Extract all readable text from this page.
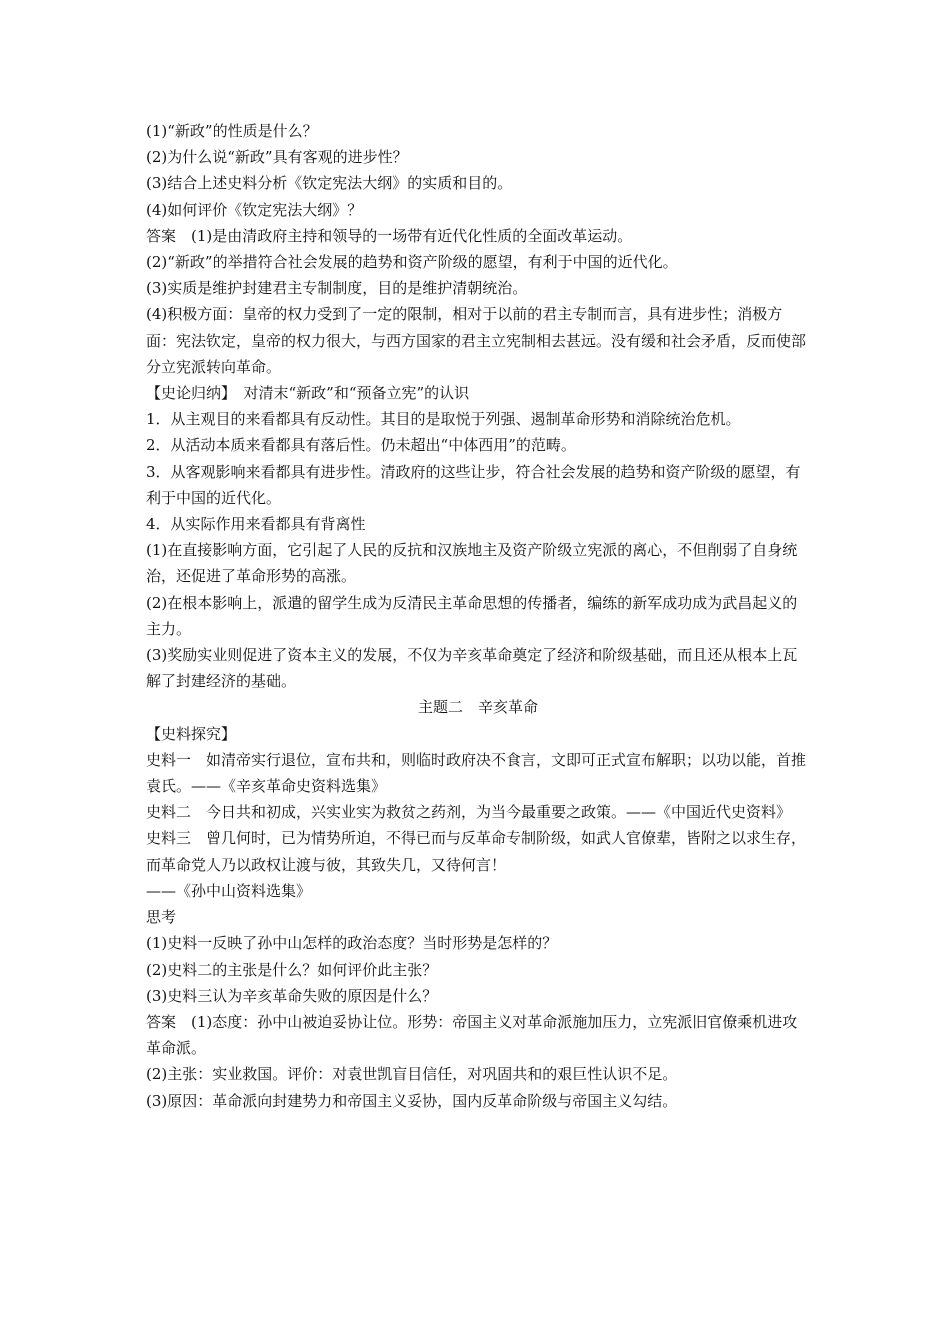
(1)“新政”的性质是什么？

(2)为什么说“新政”具有客观的进步性？

(3)结合上述史料分析《钦定宪法大纲》的实质和目的。

(4)如何评价《钦定宪法大纲》？

答案　(1)是由清政府主持和领导的一场带有近代化性质的全面改革运动。

(2)“新政”的举措符合社会发展的趋势和资产阶级的愿望，有利于中国的近代化。

(3)实质是维护封建君主专制制度，目的是维护清朝统治。

(4)积极方面：皇帝的权力受到了一定的限制，相对于以前的君主专制而言，具有进步性；消极方面：宪法钦定，皇帝的权力很大，与西方国家的君主立宪制相去甚远。没有缓和社会矛盾，反而使部分立宪派转向革命。

【史论归纳】　对清末“新政”和“预备立宪”的认识

1．从主观目的来看都具有反动性。其目的是取悦于列强、遏制革命形势和消除统治危机。

2．从活动本质来看都具有落后性。仍未超出“中体西用”的范畴。

3．从客观影响来看都具有进步性。清政府的这些让步，符合社会发展的趋势和资产阶级的愿望，有利于中国的近代化。

4．从实际作用来看都具有背离性

(1)在直接影响方面，它引起了人民的反抗和汉族地主及资产阶级立宪派的离心，不但削弱了自身统治，还促进了革命形势的高涨。

(2)在根本影响上，派遣的留学生成为反清民主革命思想的传播者，编练的新军成功成为武昌起义的主力。

(3)奖励实业则促进了资本主义的发展，不仅为辛亥革命奠定了经济和阶级基础，而且还从根本上瓦解了封建经济的基础。

主题二　辛亥革命

【史料探究】

史料一　如清帝实行退位，宣布共和，则临时政府决不食言，文即可正式宣布解职；以功以能，首推袁氏。——《辛亥革命史资料选集》

史料二　今日共和初成，兴实业实为救贫之药剂，为当今最重要之政策。——《中国近代史资料》

史料三　曾几何时，已为情势所迫，不得已而与反革命专制阶级，如武人官僚辈，皆附之以求生存，而革命党人乃以政权让渡与彼，其致失几，又待何言！

——《孙中山资料选集》

思考

(1)史料一反映了孙中山怎样的政治态度？当时形势是怎样的？

(2)史料二的主张是什么？如何评价此主张？

(3)史料三认为辛亥革命失败的原因是什么？

答案　(1)态度：孙中山被迫妥协让位。形势：帝国主义对革命派施加压力，立宪派旧官僚乘机进攻革命派。

(2)主张：实业救国。评价：对袁世凯盲目信任，对巩固共和的艰巨性认识不足。

(3)原因：革命派向封建势力和帝国主义妥协，国内反革命阶级与帝国主义勾结。
